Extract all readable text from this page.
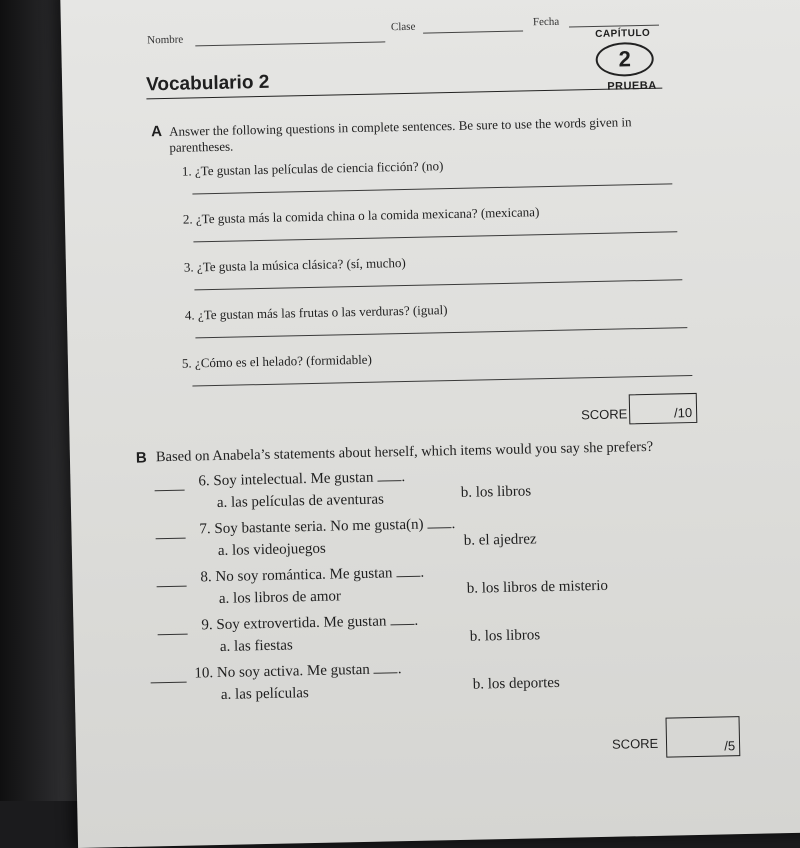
Nombre
Clase	Fecha
CAPÍTULO
2
PRUEBA
Vocabulario 2
A Answer the following questions in complete sentences. Be sure to use the words given in parentheses.
1. ¿Te gustan las películas de ciencia ficción? (no)
2. ¿Te gusta más la comida china o la comida mexicana? (mexicana)
3. ¿Te gusta la música clásica? (sí, mucho)
4. ¿Te gustan más las frutas o las verduras? (igual)
5. ¿Cómo es el helado? (formidable)
SCORE	/10
B Based on Anabela’s statements about herself, which items would you say she prefers?
6. Soy intelectual. Me gustan .
a. las películas de aventuras	b. los libros
7. Soy bastante seria. No me gusta(n) .
a. los videojuegos
b. el ajedrez
8. No soy romántica. Me gustan .
a. los libros de amor
b. los libros de misterio
9. Soy extrovertida. Me gustan .
a. las fiestas
b. los libros
10. No soy activa. Me gustan .
a. las películas
b. los deportes
SCORE	/5
